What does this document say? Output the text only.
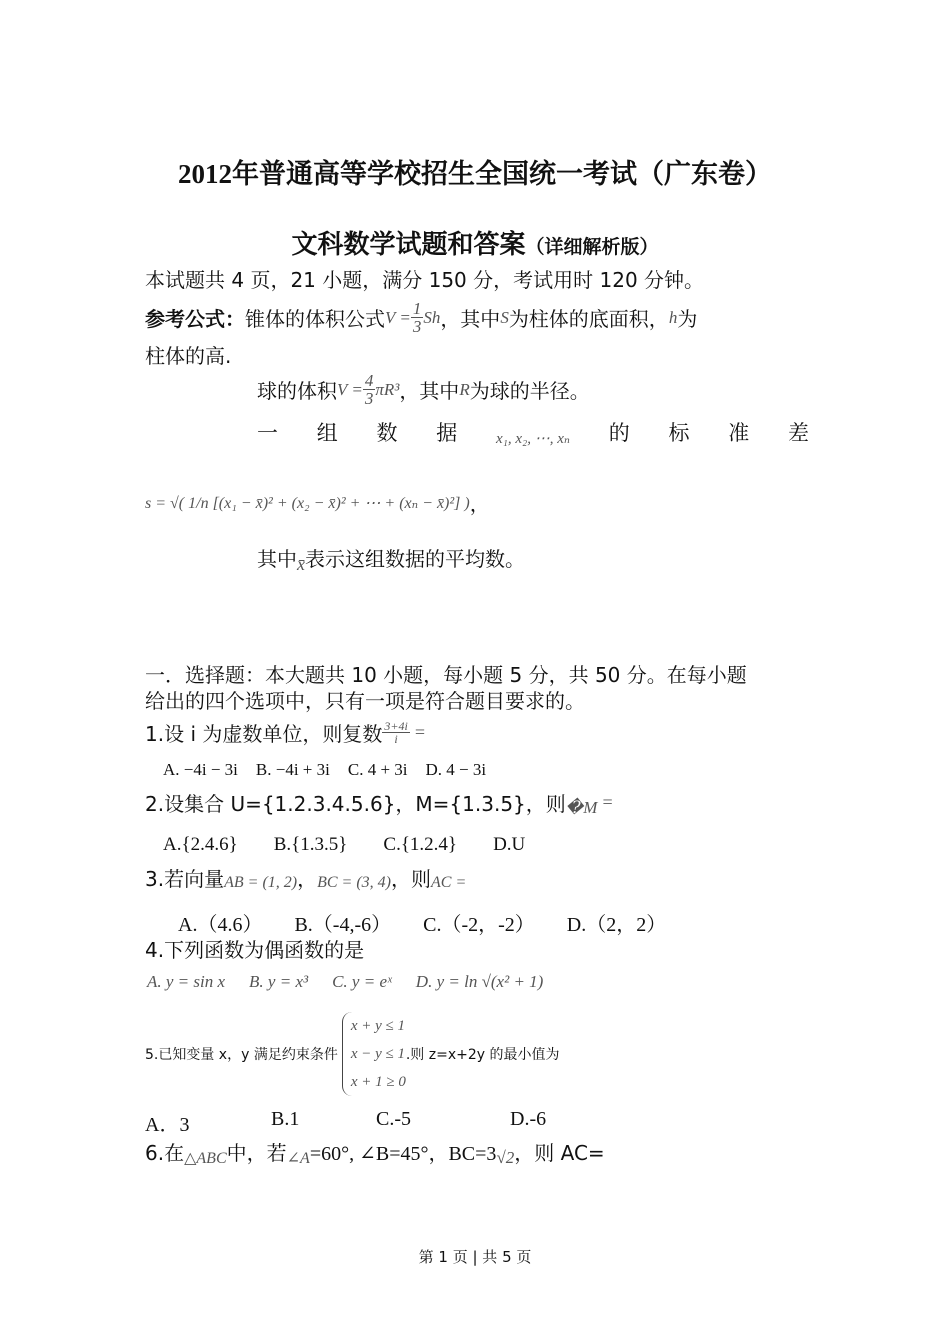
2012年普通高等学校招生全国统一考试（广东卷）
文科数学试题和答案（详细解析版）
本试题共 4 页，21 小题，满分 150 分，考试用时 120 分钟。
参考公式： 锥体的体积公式 $V = \frac{1}{3}$ Sh ，其中 S 为柱体的底面积， h 为
柱体的高.
球的体积 $V = \frac{4}{3} \pi R^3$ ，其中 R 为球的半径。
一 组 数 据	x₁, x₂, ⋯, xₙ 的 标 准 差
s = √( 1/n [(x₁ − x̄)² + (x₂ − x̄)² + ⋯ + (xₙ − x̄)²] ) ，
其中 x̄ 表示这组数据的平均数。
一．选择题：本大题共 10 小题，每小题 5 分，共 50 分。在每小题
给出的四个选项中，只有一项是符合题目要求的。
1.设 i 为虚数单位，则复数 $\frac{3+4i}{i}$ =
A. −4i − 3i B. −4i + 3i C. 4 + 3i D. 4 − 3i
2.设集合 U={1.2.3.4.5.6}，M={1.3.5}，则 �M =
A.{2.4.6} B.{1.3.5} C.{1.2.4} D.U
3.若向量 AB = (1, 2) ， BC = (3, 4) ，则 AC =
A.（4.6） B.（-4,-6） C.（-2，-2） D.（2，2）
4.下列函数为偶函数的是
A. y = sin x B. y = x³ C. y = eˣ D. y = ln √(x² + 1)
5.已知变量 x，y 满足约束条件
x + y ≤ 1
x − y ≤ 1
x + 1 ≥ 0
.则 z=x+2y 的最小值为
A．3	B.1	C.-5	D.-6
6.在 △ABC 中，若 ∠A =60°, ∠B=45°，BC=3 √2 ，则 AC=
第 1 页 | 共 5 页
